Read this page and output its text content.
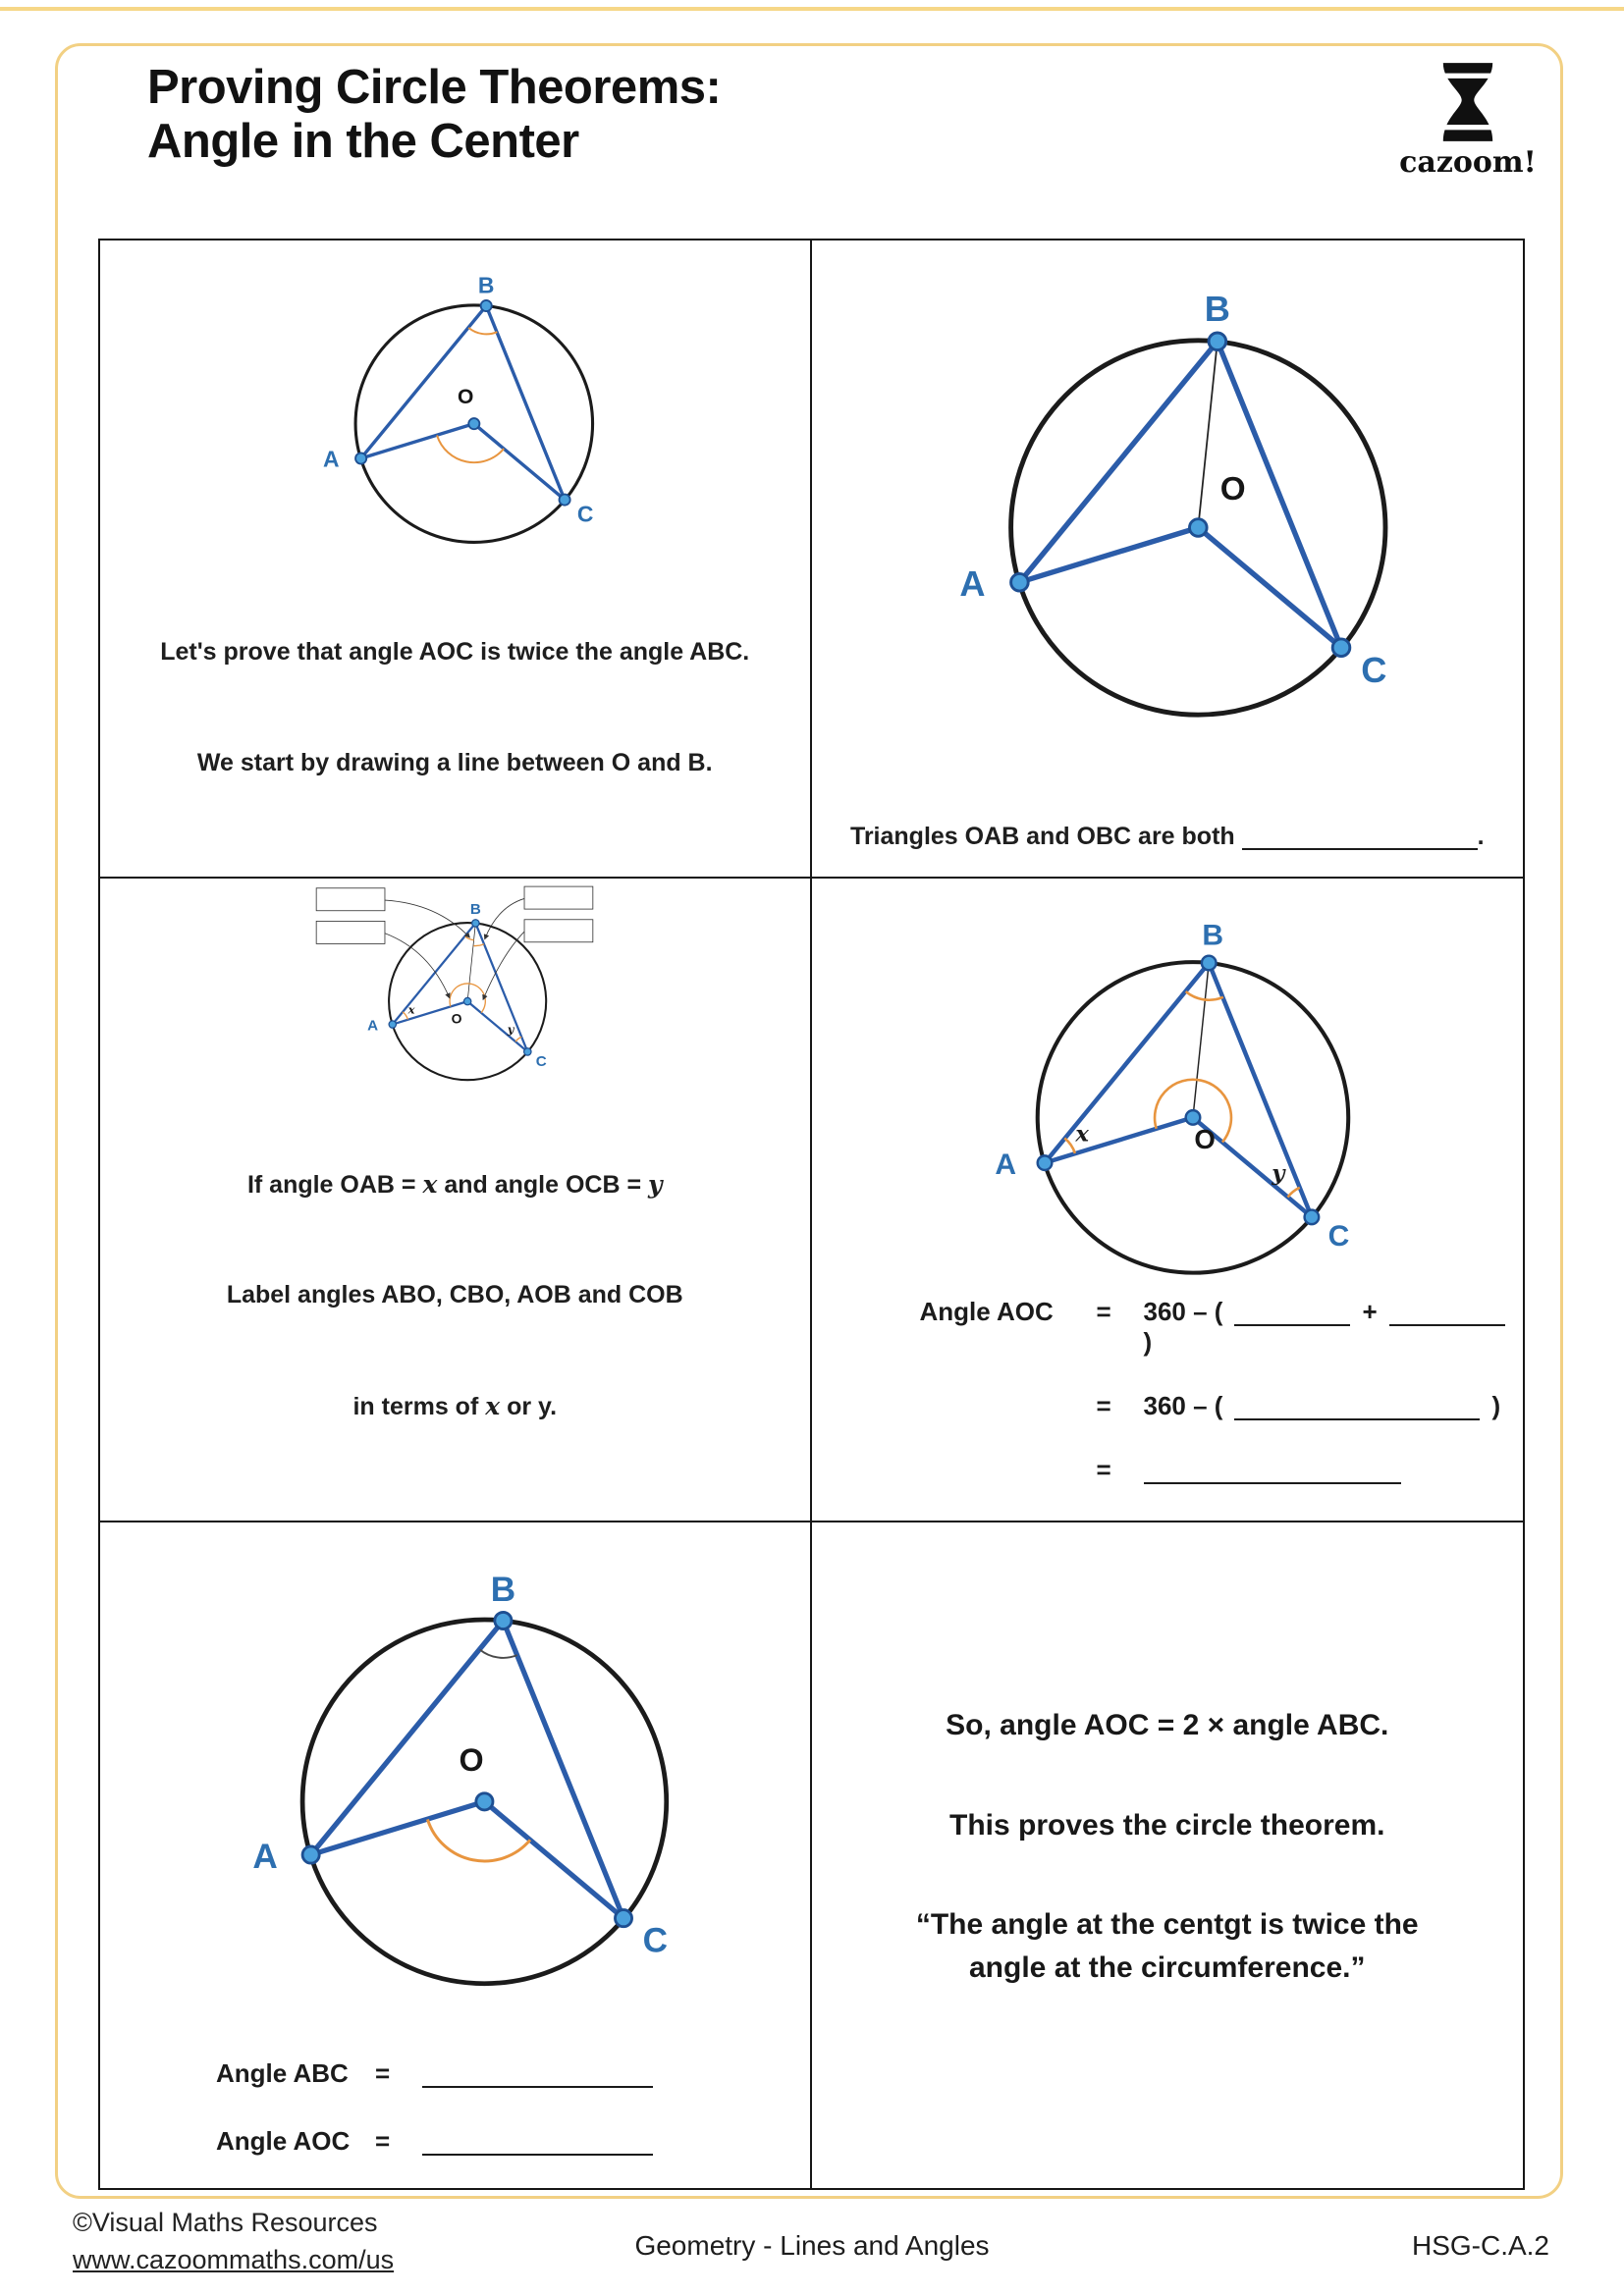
Proving Circle Theorems:
Angle in the Center	cazoom!
B
A
C
O

Let's prove that angle AOC is twice the angle ABC.

We start by drawing a line between O and B.

B
A
C
O
Triangles OAB and OBC are both	.
B
A
C
O
x
y

If angle OAB = x and angle OCB = y

Label angles ABO, CBO, AOB and COB

in terms of x or y.

B
A
C
O
x
y
Angle AOC	=	360 – (	+)
=	360 – (	)
=
B
A
C
O
Angle ABC	=
Angle AOC =
So, angle AOC = 2 × angle ABC.
This proves the circle theorem.
“The angle at the centgt is twice the angle at the circumference.”
©Visual Maths Resources
www.cazoommaths.com/us	Geometry - Lines and Angles	HSG-C.A.2
